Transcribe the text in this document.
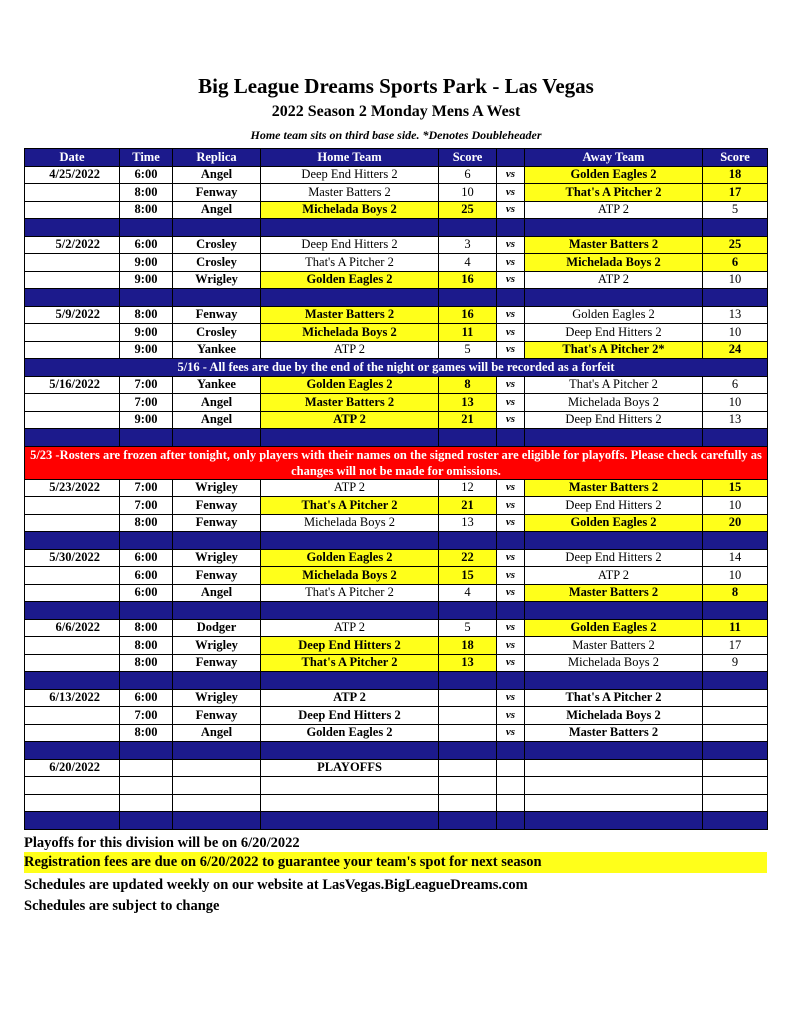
Big League Dreams Sports Park - Las Vegas
2022 Season 2 Monday Mens A West
Home team sits on third base side. *Denotes Doubleheader
Date	Time	Replica	Home Team	Score		Away Team	Score
4/25/2022	6:00	Angel	Deep End Hitters 2	6	vs	Golden Eagles 2	18
	8:00	Fenway	Master Batters 2	10	vs	That's A Pitcher 2	17
	8:00	Angel	Michelada Boys 2	25	vs	ATP 2	5

5/2/2022	6:00	Crosley	Deep End Hitters 2	3	vs	Master Batters 2	25
	9:00	Crosley	That's A Pitcher 2	4	vs	Michelada Boys 2	6
	9:00	Wrigley	Golden Eagles 2	16	vs	ATP 2	10

5/9/2022	8:00	Fenway	Master Batters 2	16	vs	Golden Eagles 2	13
	9:00	Crosley	Michelada Boys 2	11	vs	Deep End Hitters 2	10
	9:00	Yankee	ATP 2	5	vs	That's A Pitcher 2*	24
5/16 - All fees are due by the end of the night or games will be recorded as a forfeit							
5/16/2022	7:00	Yankee	Golden Eagles 2	8	vs	That's A Pitcher 2	6
	7:00	Angel	Master Batters 2	13	vs	Michelada Boys 2	10
	9:00	Angel	ATP 2	21	vs	Deep End Hitters 2	13

5/23 -Rosters are frozen after tonight, only players with their names on the signed roster are eligible for playoffs. Please check carefully as changes will not be made for omissions.							
5/23/2022	7:00	Wrigley	ATP 2	12	vs	Master Batters 2	15
	7:00	Fenway	That's A Pitcher 2	21	vs	Deep End Hitters 2	10
	8:00	Fenway	Michelada Boys 2	13	vs	Golden Eagles 2	20

5/30/2022	6:00	Wrigley	Golden Eagles 2	22	vs	Deep End Hitters 2	14
	6:00	Fenway	Michelada Boys 2	15	vs	ATP 2	10
	6:00	Angel	That's A Pitcher 2	4	vs	Master Batters 2	8

6/6/2022	8:00	Dodger	ATP 2	5	vs	Golden Eagles 2	11
	8:00	Wrigley	Deep End Hitters 2	18	vs	Master Batters 2	17
	8:00	Fenway	That's A Pitcher 2	13	vs	Michelada Boys 2	9

6/13/2022	6:00	Wrigley	ATP 2		vs	That's A Pitcher 2	
	7:00	Fenway	Deep End Hitters 2		vs	Michelada Boys 2	
	8:00	Angel	Golden Eagles 2		vs	Master Batters 2	

6/20/2022			PLAYOFFS				

Playoffs for this division will be on 6/20/2022
Registration fees are due on 6/20/2022 to guarantee your team's spot for next season
Schedules are updated weekly on our website at LasVegas.BigLeagueDreams.com
Schedules are subject to change
